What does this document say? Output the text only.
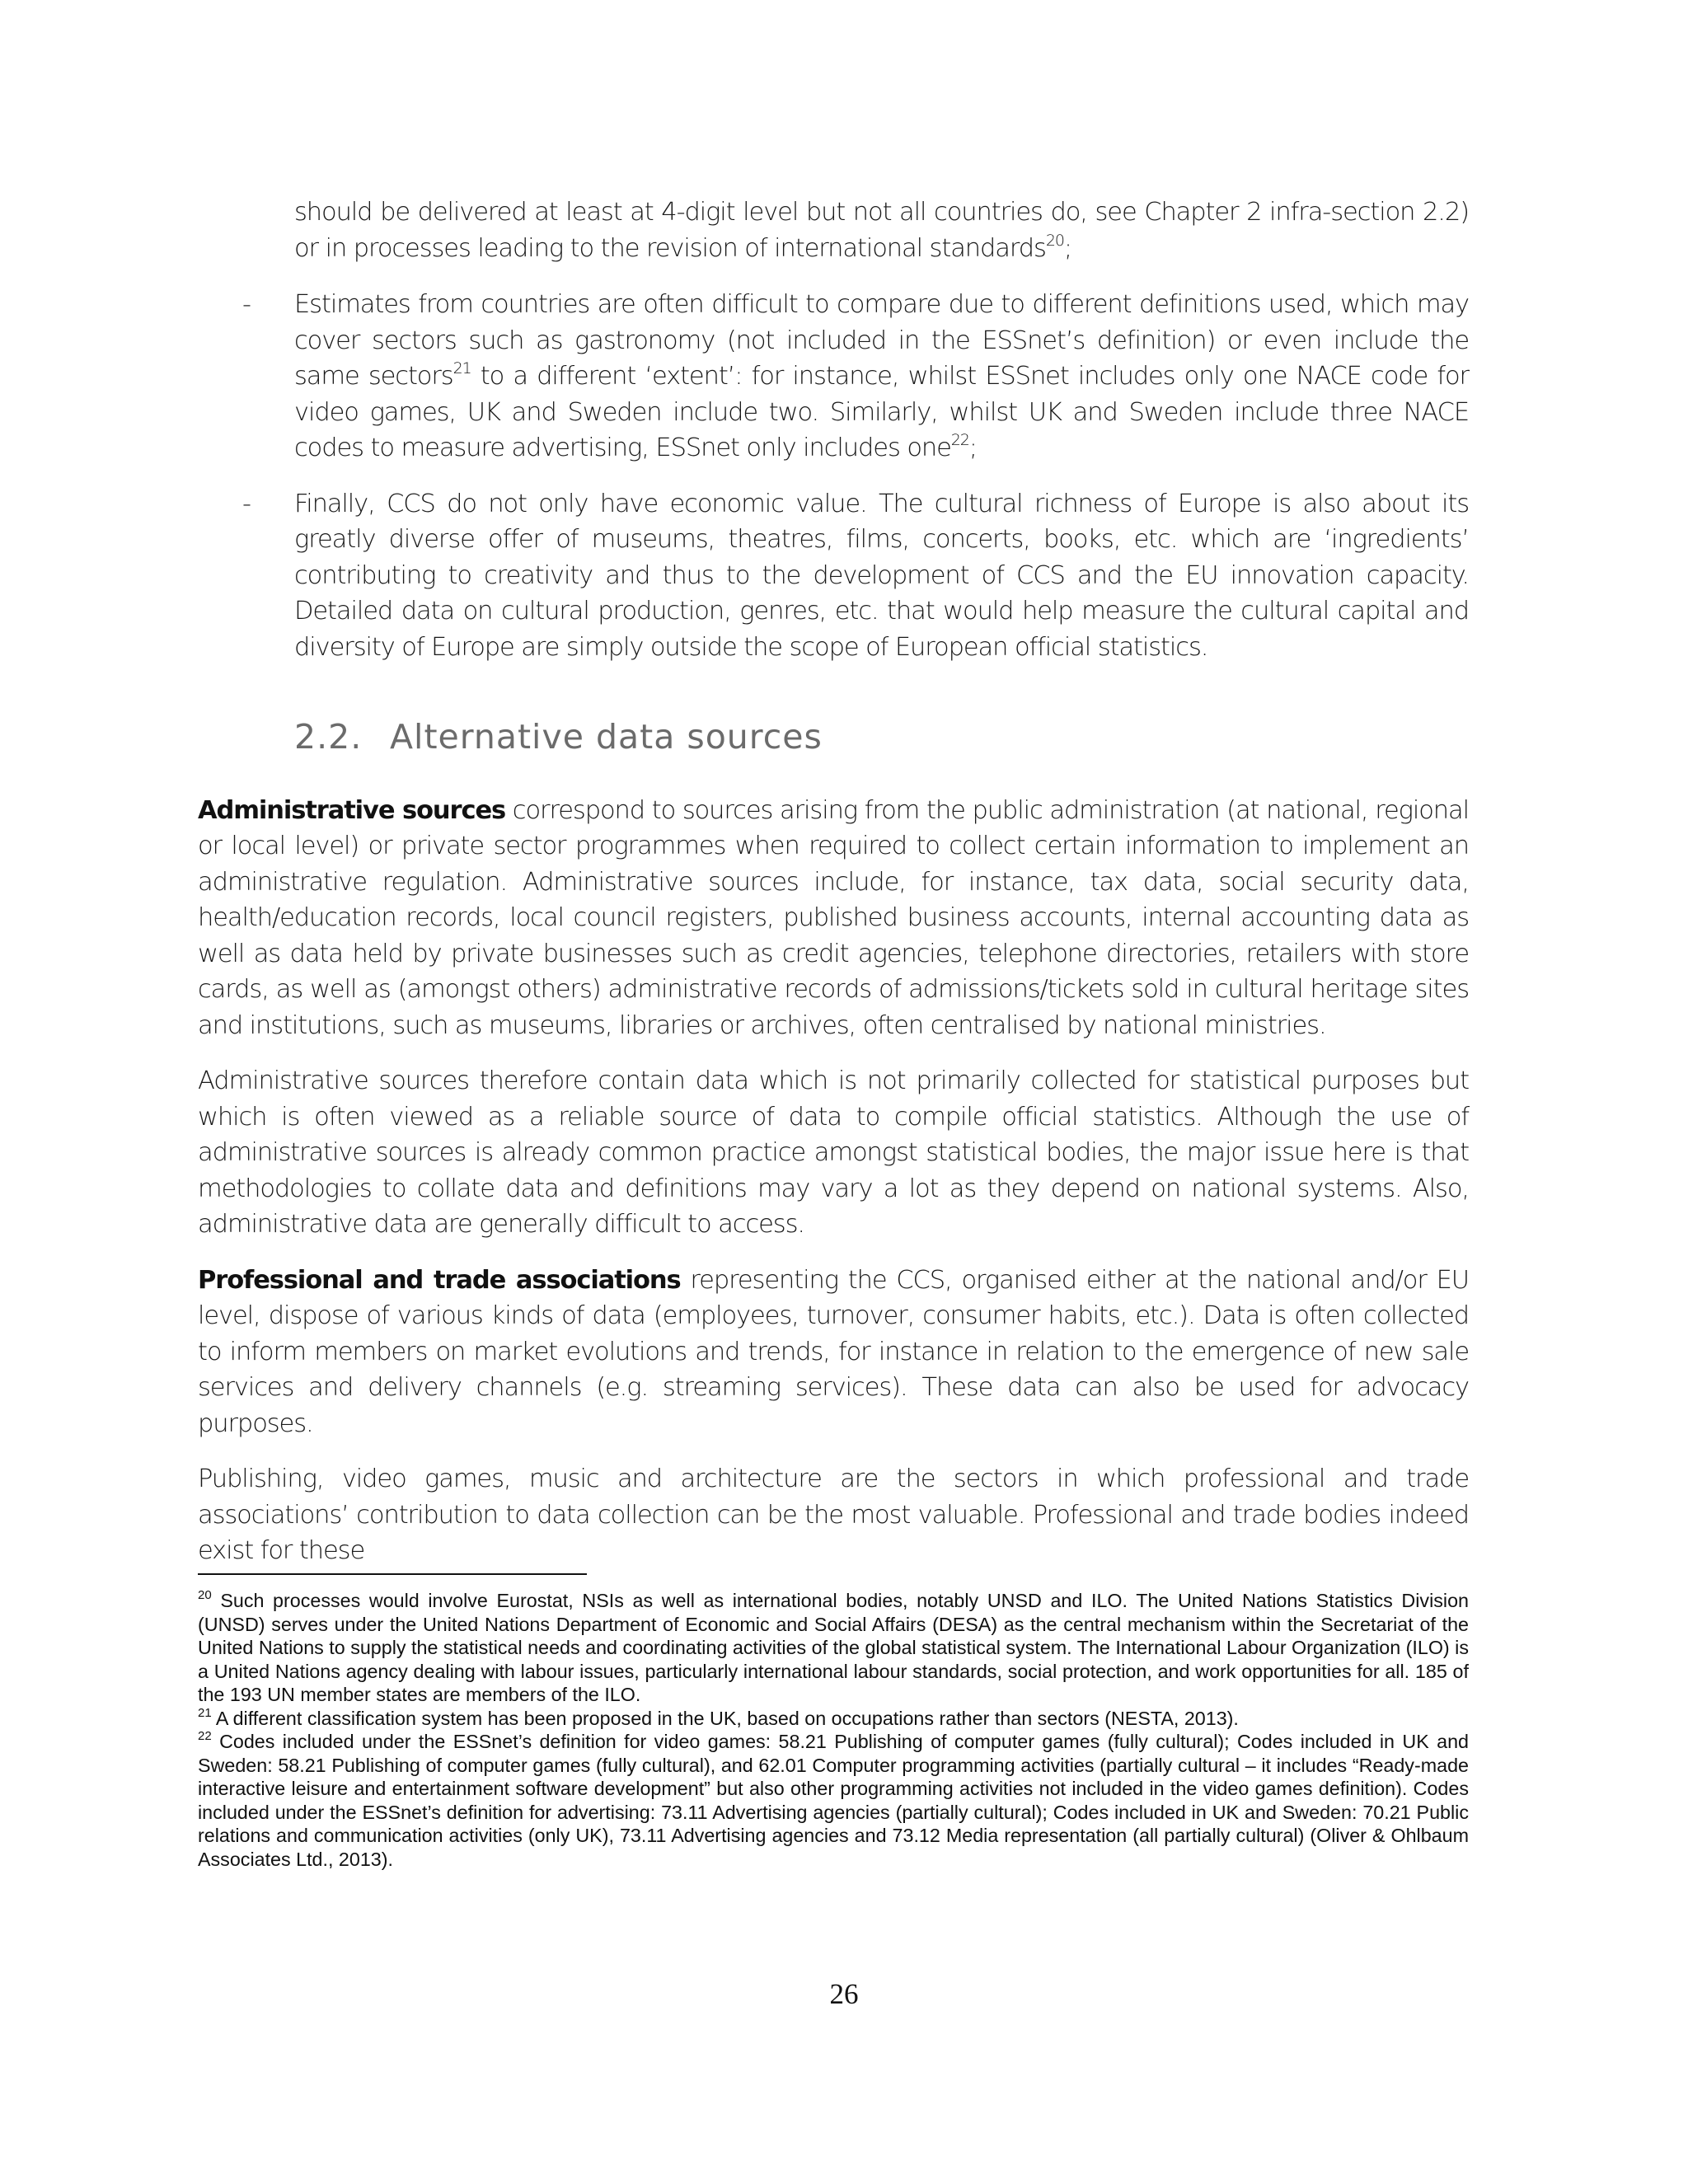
should be delivered at least at 4-digit level but not all countries do, see Chapter 2 infra-section 2.2) or in processes leading to the revision of international standards$^{20}$;

- Estimates from countries are often difficult to compare due to different definitions used, which may cover sectors such as gastronomy (not included in the ESSnet’s definition) or even include the same sectors$^{21}$ to a different ‘extent’: for instance, whilst ESSnet includes only one NACE code for video games, UK and Sweden include two. Similarly, whilst UK and Sweden include three NACE codes to measure advertising, ESSnet only includes one$^{22}$;
- Finally, CCS do not only have economic value. The cultural richness of Europe is also about its greatly diverse offer of museums, theatres, films, concerts, books, etc. which are ‘ingredients’ contributing to creativity and thus to the development of CCS and the EU innovation capacity. Detailed data on cultural production, genres, etc. that would help measure the cultural capital and diversity of Europe are simply outside the scope of European official statistics.
2.2. Alternative data sources

Administrative sources correspond to sources arising from the public administration (at national, regional or local level) or private sector programmes when required to collect certain information to implement an administrative regulation. Administrative sources include, for instance, tax data, social security data, health/education records, local council registers, published business accounts, internal accounting data as well as data held by private businesses such as credit agencies, telephone directories, retailers with store cards, as well as (amongst others) administrative records of admissions/tickets sold in cultural heritage sites and institutions, such as museums, libraries or archives, often centralised by national ministries.

Administrative sources therefore contain data which is not primarily collected for statistical purposes but which is often viewed as a reliable source of data to compile official statistics. Although the use of administrative sources is already common practice amongst statistical bodies, the major issue here is that methodologies to collate data and definitions may vary a lot as they depend on national systems. Also, administrative data are generally difficult to access.

Professional and trade associations representing the CCS, organised either at the national and/or EU level, dispose of various kinds of data (employees, turnover, consumer habits, etc.). Data is often collected to inform members on market evolutions and trends, for instance in relation to the emergence of new sale services and delivery channels (e.g. streaming services). These data can also be used for advocacy purposes.

Publishing, video games, music and architecture are the sectors in which professional and trade associations’ contribution to data collection can be the most valuable. Professional and trade bodies indeed exist for these

$^{20}$ Such processes would involve Eurostat, NSIs as well as international bodies, notably UNSD and ILO. The United Nations Statistics Division (UNSD) serves under the United Nations Department of Economic and Social Affairs (DESA) as the central mechanism within the Secretariat of the United Nations to supply the statistical needs and coordinating activities of the global statistical system. The International Labour Organization (ILO) is a United Nations agency dealing with labour issues, particularly international labour standards, social protection, and work opportunities for all. 185 of the 193 UN member states are members of the ILO.

$^{21}$ A different classification system has been proposed in the UK, based on occupations rather than sectors (NESTA, 2013).

$^{22}$ Codes included under the ESSnet’s definition for video games: 58.21 Publishing of computer games (fully cultural); Codes included in UK and Sweden: 58.21 Publishing of computer games (fully cultural), and 62.01 Computer programming activities (partially cultural – it includes “Ready-made interactive leisure and entertainment software development” but also other programming activities not included in the video games definition). Codes included under the ESSnet’s definition for advertising: 73.11 Advertising agencies (partially cultural); Codes included in UK and Sweden: 70.21 Public relations and communication activities (only UK), 73.11 Advertising agencies and 73.12 Media representation (all partially cultural) (Oliver & Ohlbaum Associates Ltd., 2013).

26
